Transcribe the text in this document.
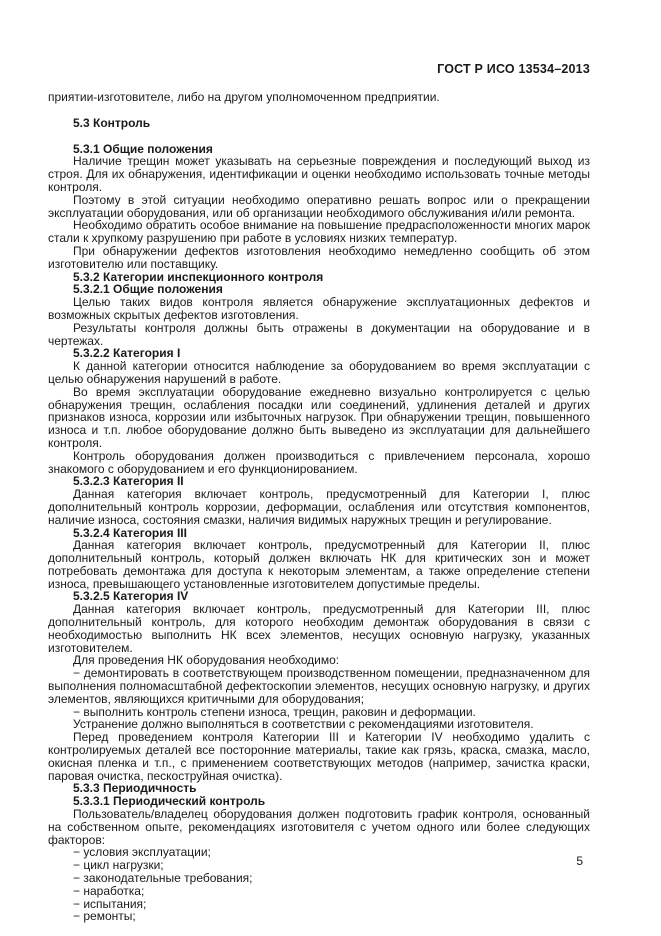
ГОСТ Р ИСО 13534–2013

приятии-изготовителе, либо на другом уполномоченном предприятии.

5.3 Контроль

5.3.1 Общие положения

Наличие трещин может указывать на серьезные повреждения и последующий выход из строя. Для их обнаружения, идентификации и оценки необходимо использовать точные методы контроля.

Поэтому в этой ситуации необходимо оперативно решать вопрос или о прекращении эксплуатации оборудования, или об организации необходимого обслуживания и/или ремонта.

Необходимо обратить особое внимание на повышение предрасположенности многих марок стали к хрупкому разрушению при работе в условиях низких температур.

При обнаружении дефектов изготовления необходимо немедленно сообщить об этом изготовителю или поставщику.

5.3.2 Категории инспекционного контроля

5.3.2.1 Общие положения

Целью таких видов контроля является обнаружение эксплуатационных дефектов и возможных скрытых дефектов изготовления.

Результаты контроля должны быть отражены в документации на оборудование и в чертежах.

5.3.2.2 Категория I

К данной категории относится наблюдение за оборудованием во время эксплуатации с целью обнаружения нарушений в работе.

Во время эксплуатации оборудование ежедневно визуально контролируется с целью обнаружения трещин, ослабления посадки или соединений, удлинения деталей и других признаков износа, коррозии или избыточных нагрузок. При обнаружении трещин, повышенного износа и т.п. любое оборудование должно быть выведено из эксплуатации для дальнейшего контроля.

Контроль оборудования должен производиться с привлечением персонала, хорошо знакомого с оборудованием и его функционированием.

5.3.2.3 Категория II

Данная категория включает контроль, предусмотренный для Категории I, плюс дополнительный контроль коррозии, деформации, ослабления или отсутствия компонентов, наличие износа, состояния смазки, наличия видимых наружных трещин и регулирование.

5.3.2.4 Категория III

Данная категория включает контроль, предусмотренный для Категории II, плюс дополнительный контроль, который должен включать НК для критических зон и может потребовать демонтажа для доступа к некоторым элементам, а также определение степени износа, превышающего установленные изготовителем допустимые пределы.

5.3.2.5 Категория IV

Данная категория включает контроль, предусмотренный для Категории III, плюс дополнительный контроль, для которого необходим демонтаж оборудования в связи с необходимостью выполнить НК всех элементов, несущих основную нагрузку, указанных изготовителем.

Для проведения НК оборудования необходимо:

− демонтировать в соответствующем производственном помещении, предназначенном для выполнения полномасштабной дефектоскопии элементов, несущих основную нагрузку, и других элементов, являющихся критичными для оборудования;

− выполнить контроль степени износа, трещин, раковин и деформации.

Устранение должно выполняться в соответствии с рекомендациями изготовителя.

Перед проведением контроля Категории III и Категории IV необходимо удалить с контролируемых деталей все посторонние материалы, такие как грязь, краска, смазка, масло, окисная пленка и т.п., с применением соответствующих методов (например, зачистка краски, паровая очистка, пескоструйная очистка).

5.3.3 Периодичность

5.3.3.1 Периодический контроль

Пользователь/владелец оборудования должен подготовить график контроля, основанный на собственном опыте, рекомендациях изготовителя с учетом одного или более следующих факторов:

− условия эксплуатации;

− цикл нагрузки;

− законодательные требования;

− наработка;

− испытания;

− ремонты;

5
